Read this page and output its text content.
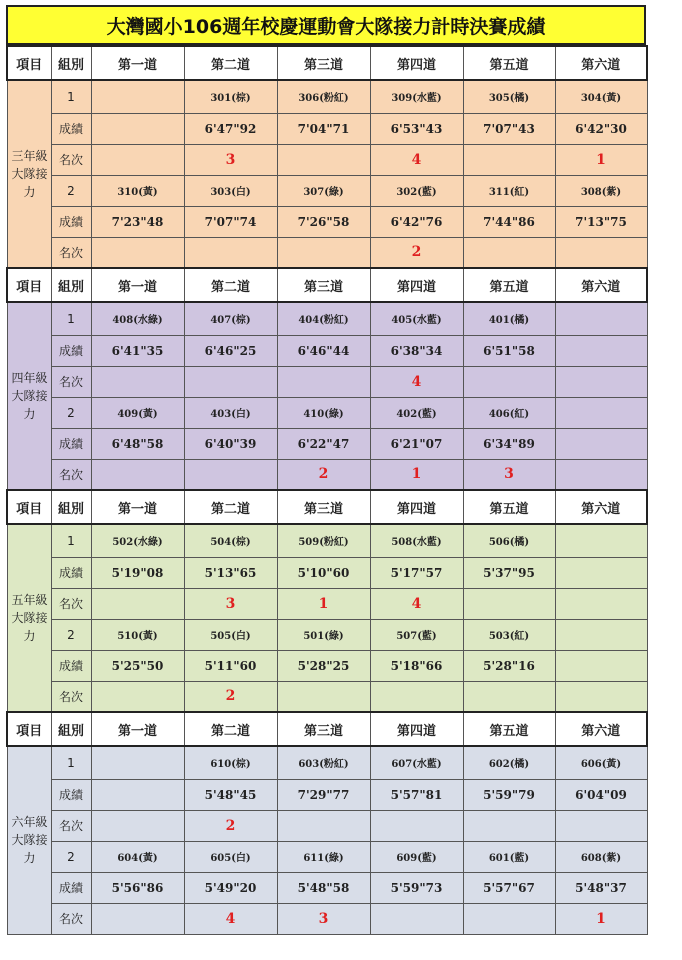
大灣國小106週年校慶運動會大隊接力計時決賽成績
項目	組別	第一道	第二道	第三道	第四道	第五道	第六道
三年級大隊接力	1		301(棕)	306(粉紅)	309(水藍)	305(橘)	304(黃)
	成績		6'47"92	7'04"71	6'53"43	7'07"43	6'42"30
	名次		3		4		1
	2	310(黃)	303(白)	307(綠)	302(藍)	311(紅)	308(紫)
	成績	7'23"48	7'07"74	7'26"58	6'42"76	7'44"86	7'13"75
	名次				2		
項目	組別	第一道	第二道	第三道	第四道	第五道	第六道
四年級大隊接力	1	408(水綠)	407(棕)	404(粉紅)	405(水藍)	401(橘)	
	成績	6'41"35	6'46"25	6'46"44	6'38"34	6'51"58	
	名次				4		
	2	409(黃)	403(白)	410(綠)	402(藍)	406(紅)	
	成績	6'48"58	6'40"39	6'22"47	6'21"07	6'34"89	
	名次			2	1	3	
項目	組別	第一道	第二道	第三道	第四道	第五道	第六道
五年級大隊接力	1	502(水綠)	504(棕)	509(粉紅)	508(水藍)	506(橘)	
	成績	5'19"08	5'13"65	5'10"60	5'17"57	5'37"95	
	名次		3	1	4		
	2	510(黃)	505(白)	501(綠)	507(藍)	503(紅)	
	成績	5'25"50	5'11"60	5'28"25	5'18"66	5'28"16	
	名次		2				
項目	組別	第一道	第二道	第三道	第四道	第五道	第六道
六年級大隊接力	1		610(棕)	603(粉紅)	607(水藍)	602(橘)	606(黃)
	成績		5'48"45	7'29"77	5'57"81	5'59"79	6'04"09
	名次		2				
	2	604(黃)	605(白)	611(綠)	609(藍)	601(藍)	608(紫)
	成績	5'56"86	5'49"20	5'48"58	5'59"73	5'57"67	5'48"37
	名次		4	3			1
